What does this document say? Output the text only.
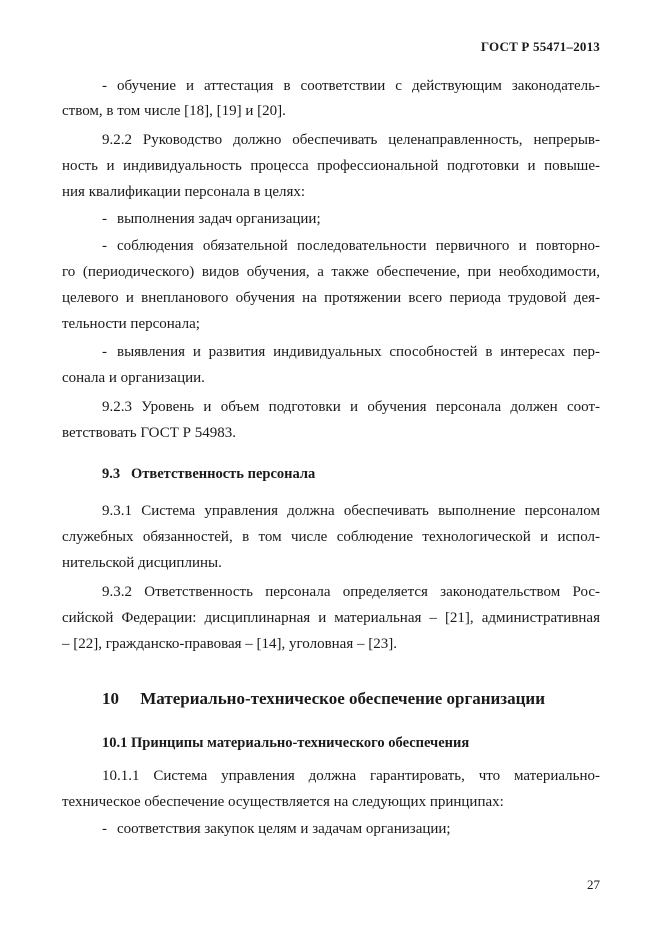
ГОСТ Р 55471–2013
- обучение и аттестация в соответствии с действующим законодатель-
ством, в том числе [18], [19] и [20].
9.2.2 Руководство должно обеспечивать целенаправленность, непрерыв-
ность и индивидуальность процесса профессиональной подготовки и повыше-
ния квалификации персонала в целях:
- выполнения задач организации;
- соблюдения обязательной последовательности первичного и повторно-
го (периодического) видов обучения, а также обеспечение, при необходимости,
целевого и внепланового обучения на протяжении всего периода трудовой дея-
тельности персонала;
- выявления и развития индивидуальных способностей в интересах пер-
сонала и организации.
9.2.3 Уровень и объем подготовки и обучения персонала должен соот-
ветствовать ГОСТ Р 54983.
9.3 Ответственность персонала
9.3.1 Система управления должна обеспечивать выполнение персоналом
служебных обязанностей, в том числе соблюдение технологической и испол-
нительской дисциплины.
9.3.2 Ответственность персонала определяется законодательством Рос-
сийской Федерации: дисциплинарная и материальная – [21], административная
– [22], гражданско-правовая – [14], уголовная – [23].
10 Материально-техническое обеспечение организации
10.1 Принципы материально-технического обеспечения
10.1.1 Система управления должна гарантировать, что материально-
техническое обеспечение осуществляется на следующих принципах:
- соответствия закупок целям и задачам организации;
27
